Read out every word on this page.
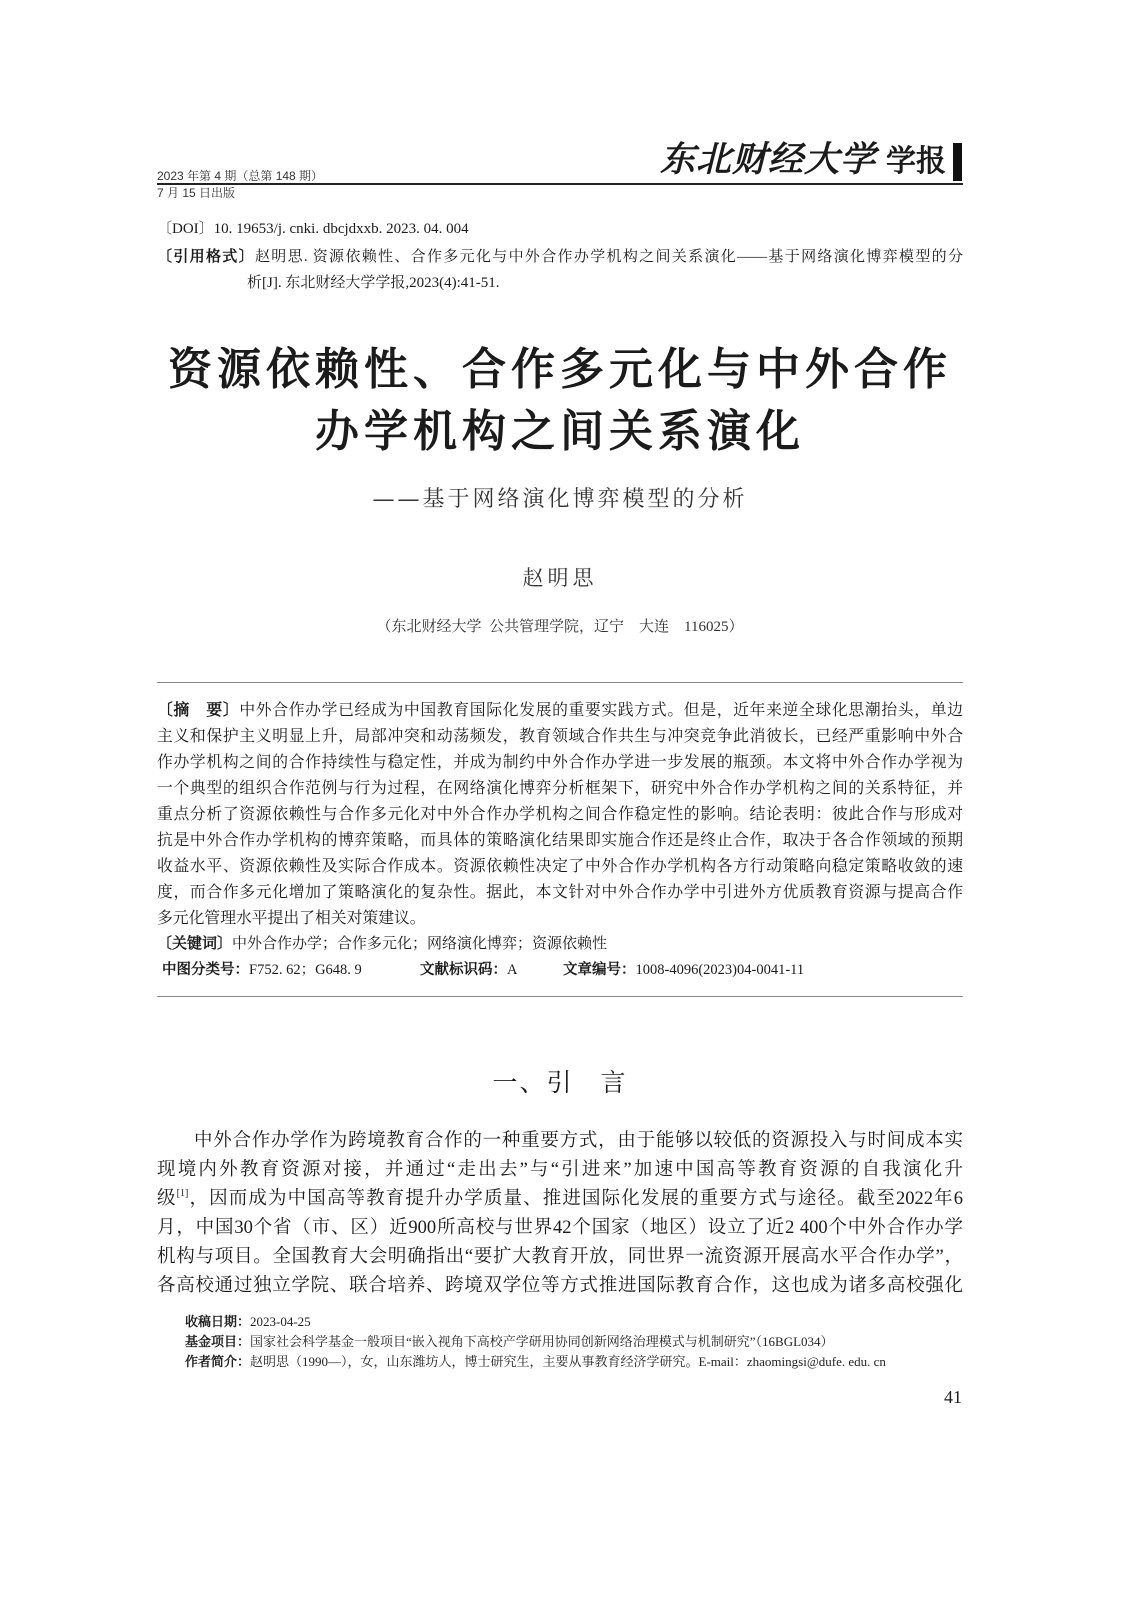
2023 年第 4 期（总第 148 期）
7 月 15 日出版
东北财经大学 学报
〔DOI〕10. 19653/j. cnki. dbcjdxxb. 2023. 04. 004
〔引用格式〕赵明思. 资源依赖性、合作多元化与中外合作办学机构之间关系演化——基于网络演化博弈模型的分
析[J]. 东北财经大学学报,2023(4):41-51.
资源依赖性、合作多元化与中外合作
办学机构之间关系演化
——基于网络演化博弈模型的分析
赵明思
（东北财经大学  公共管理学院，辽宁    大连    116025）
〔摘　要〕中外合作办学已经成为中国教育国际化发展的重要实践方式。但是，近年来逆全球化思潮抬头，单边
主义和保护主义明显上升，局部冲突和动荡频发，教育领域合作共生与冲突竞争此消彼长，已经严重影响中外合
作办学机构之间的合作持续性与稳定性，并成为制约中外合作办学进一步发展的瓶颈。本文将中外合作办学视为
一个典型的组织合作范例与行为过程，在网络演化博弈分析框架下，研究中外合作办学机构之间的关系特征，并
重点分析了资源依赖性与合作多元化对中外合作办学机构之间合作稳定性的影响。结论表明：彼此合作与形成对
抗是中外合作办学机构的博弈策略，而具体的策略演化结果即实施合作还是终止合作，取决于各合作领域的预期
收益水平、资源依赖性及实际合作成本。资源依赖性决定了中外合作办学机构各方行动策略向稳定策略收敛的速
度，而合作多元化增加了策略演化的复杂性。据此，本文针对中外合作办学中引进外方优质教育资源与提高合作
多元化管理水平提出了相关对策建议。
〔关键词〕中外合作办学；合作多元化；网络演化博弈；资源依赖性
中图分类号：F752. 62；G648. 9	文献标识码：A	文章编号：1008-4096(2023)04-0041-11
一、引　言
中外合作办学作为跨境教育合作的一种重要方式，由于能够以较低的资源投入与时间成本实
现境内外教育资源对接，并通过“走出去”与“引进来”加速中国高等教育资源的自我演化升
级[1]，因而成为中国高等教育提升办学质量、推进国际化发展的重要方式与途径。截至2022年6
月，中国30个省（市、区）近900所高校与世界42个国家（地区）设立了近2 400个中外合作办学
机构与项目。全国教育大会明确指出“要扩大教育开放，同世界一流资源开展高水平合作办学”，
各高校通过独立学院、联合培养、跨境双学位等方式推进国际教育合作，这也成为诸多高校强化
收稿日期：2023-04-25
基金项目：国家社会科学基金一般项目“嵌入视角下高校产学研用协同创新网络治理模式与机制研究”（16BGL034）
作者简介：赵明思（1990—），女，山东潍坊人，博士研究生，主要从事教育经济学研究。E-mail：zhaomingsi@dufe. edu. cn
41
